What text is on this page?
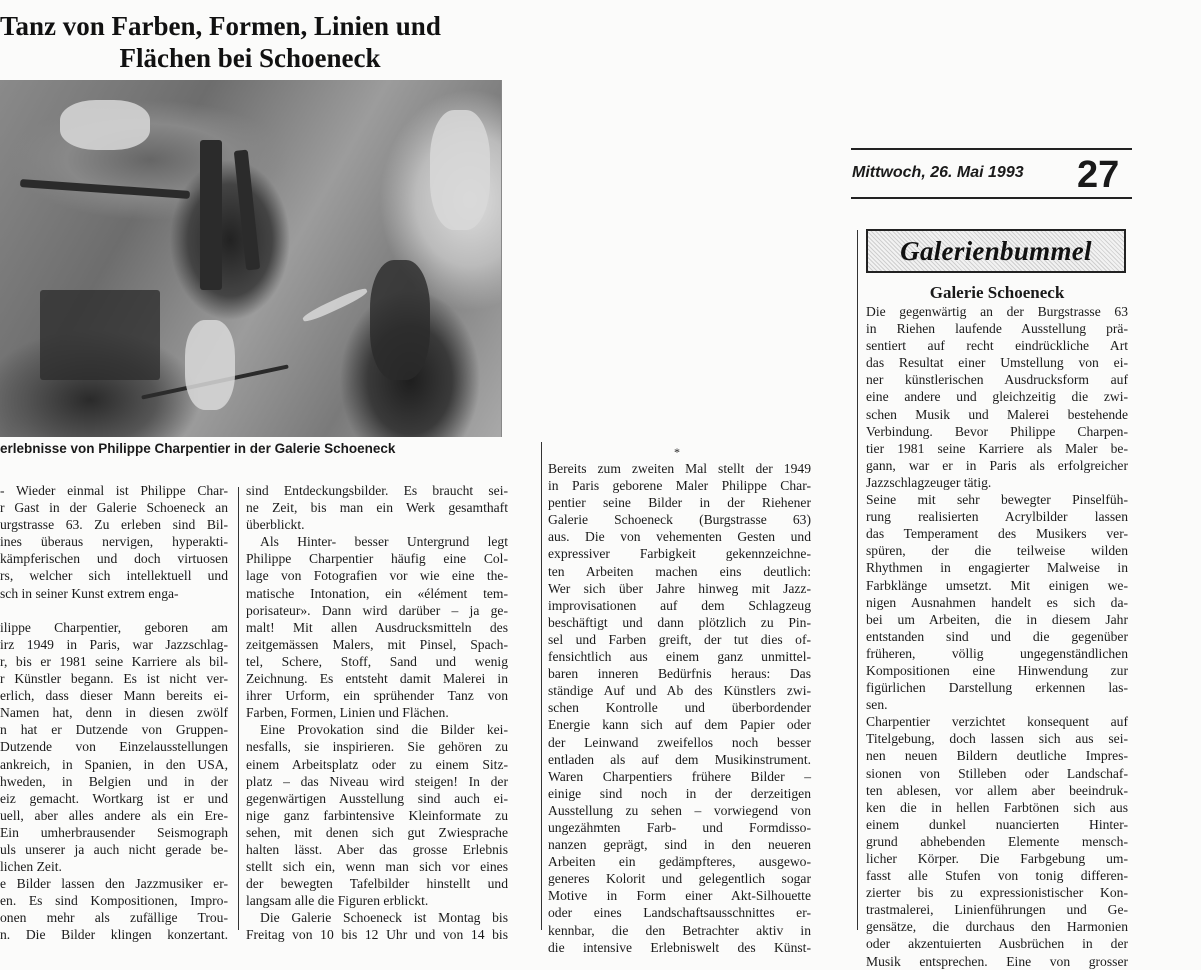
Tanz von Farben, Formen, Linien und
Flächen bei Schoeneck
erlebnisse von Philippe Charpentier in der Galerie Schoeneck

- Wieder einmal ist Philippe Char-

r Gast in der Galerie Schoeneck an

urgstrasse 63. Zu erleben sind Bil-

ines überaus nervigen, hyperakti-

kämpferischen und doch virtuosen

rs, welcher sich intellektuell und

sch in seiner Kunst extrem enga-

ilippe Charpentier, geboren am

irz 1949 in Paris, war Jazzschlag-

r, bis er 1981 seine Karriere als bil-

r Künstler begann. Es ist nicht ver-

erlich, dass dieser Mann bereits ei-

Namen hat, denn in diesen zwölf

n hat er Dutzende von Gruppen-

Dutzende von Einzelausstellungen

ankreich, in Spanien, in den USA,

hweden, in Belgien und in der

eiz gemacht. Wortkarg ist er und

uell, aber alles andere als ein Ere-

Ein umherbrausender Seismograph

uls unserer ja auch nicht gerade be-

lichen Zeit.

e Bilder lassen den Jazzmusiker er-

en. Es sind Kompositionen, Impro-

onen mehr als zufällige Trou-

n. Die Bilder klingen konzertant.

sind Entdeckungsbilder. Es braucht sei-

ne Zeit, bis man ein Werk gesamthaft

überblickt.

Als Hinter- besser Untergrund legt

Philippe Charpentier häufig eine Col-

lage von Fotografien vor wie eine the-

matische Intonation, ein «élément tem-

porisateur». Dann wird darüber – ja ge-

malt! Mit allen Ausdrucksmitteln des

zeitgemässen Malers, mit Pinsel, Spach-

tel, Schere, Stoff, Sand und wenig

Zeichnung. Es entsteht damit Malerei in

ihrer Urform, ein sprühender Tanz von

Farben, Formen, Linien und Flächen.

Eine Provokation sind die Bilder kei-

nesfalls, sie inspirieren. Sie gehören zu

einem Arbeitsplatz oder zu einem Sitz-

platz – das Niveau wird steigen! In der

gegenwärtigen Ausstellung sind auch ei-

nige ganz farbintensive Kleinformate zu

sehen, mit denen sich gut Zwiesprache

halten lässt. Aber das grosse Erlebnis

stellt sich ein, wenn man sich vor eines

der bewegten Tafelbilder hinstellt und

langsam alle die Figuren erblickt.

Die Galerie Schoeneck ist Montag bis

Freitag von 10 bis 12 Uhr und von 14 bis

*

Bereits zum zweiten Mal stellt der 1949

in Paris geborene Maler Philippe Char-

pentier seine Bilder in der Riehener

Galerie Schoeneck (Burgstrasse 63)

aus. Die von vehementen Gesten und

expressiver Farbigkeit gekennzeichne-

ten Arbeiten machen eins deutlich:

Wer sich über Jahre hinweg mit Jazz-

improvisationen auf dem Schlagzeug

beschäftigt und dann plötzlich zu Pin-

sel und Farben greift, der tut dies of-

fensichtlich aus einem ganz unmittel-

baren inneren Bedürfnis heraus: Das

ständige Auf und Ab des Künstlers zwi-

schen Kontrolle und überbordender

Energie kann sich auf dem Papier oder

der Leinwand zweifellos noch besser

entladen als auf dem Musikinstrument.

Waren Charpentiers frühere Bilder –

einige sind noch in der derzeitigen

Ausstellung zu sehen – vorwiegend von

ungezähmten Farb- und Formdisso-

nanzen geprägt, sind in den neueren

Arbeiten ein gedämpfteres, ausgewo-

generes Kolorit und gelegentlich sogar

Motive in Form einer Akt-Silhouette

oder eines Landschaftsausschnittes er-

kennbar, die den Betrachter aktiv in

die intensive Erlebniswelt des Künst-

Mittwoch, 26. Mai 1993 27
Galerienbummel
Galerie Schoeneck

Die gegenwärtig an der Burgstrasse 63

in Riehen laufende Ausstellung prä-

sentiert auf recht eindrückliche Art

das Resultat einer Umstellung von ei-

ner künstlerischen Ausdrucksform auf

eine andere und gleichzeitig die zwi-

schen Musik und Malerei bestehende

Verbindung. Bevor Philippe Charpen-

tier 1981 seine Karriere als Maler be-

gann, war er in Paris als erfolgreicher

Jazzschlagzeuger tätig.

Seine mit sehr bewegter Pinselfüh-

rung realisierten Acrylbilder lassen

das Temperament des Musikers ver-

spüren, der die teilweise wilden

Rhythmen in engagierter Malweise in

Farbklänge umsetzt. Mit einigen we-

nigen Ausnahmen handelt es sich da-

bei um Arbeiten, die in diesem Jahr

entstanden sind und die gegenüber

früheren, völlig ungegenständlichen

Kompositionen eine Hinwendung zur

figürlichen Darstellung erkennen las-

sen.

Charpentier verzichtet konsequent auf

Titelgebung, doch lassen sich aus sei-

nen neuen Bildern deutliche Impres-

sionen von Stilleben oder Landschaf-

ten ablesen, vor allem aber beeindruk-

ken die in hellen Farbtönen sich aus

einem dunkel nuancierten Hinter-

grund abhebenden Elemente mensch-

licher Körper. Die Farbgebung um-

fasst alle Stufen von tonig differen-

zierter bis zu expressionistischer Kon-

trastmalerei, Linienführungen und Ge-

gensätze, die durchaus den Harmonien

oder akzentuierten Ausbrüchen in der

Musik entsprechen. Eine von grosser
